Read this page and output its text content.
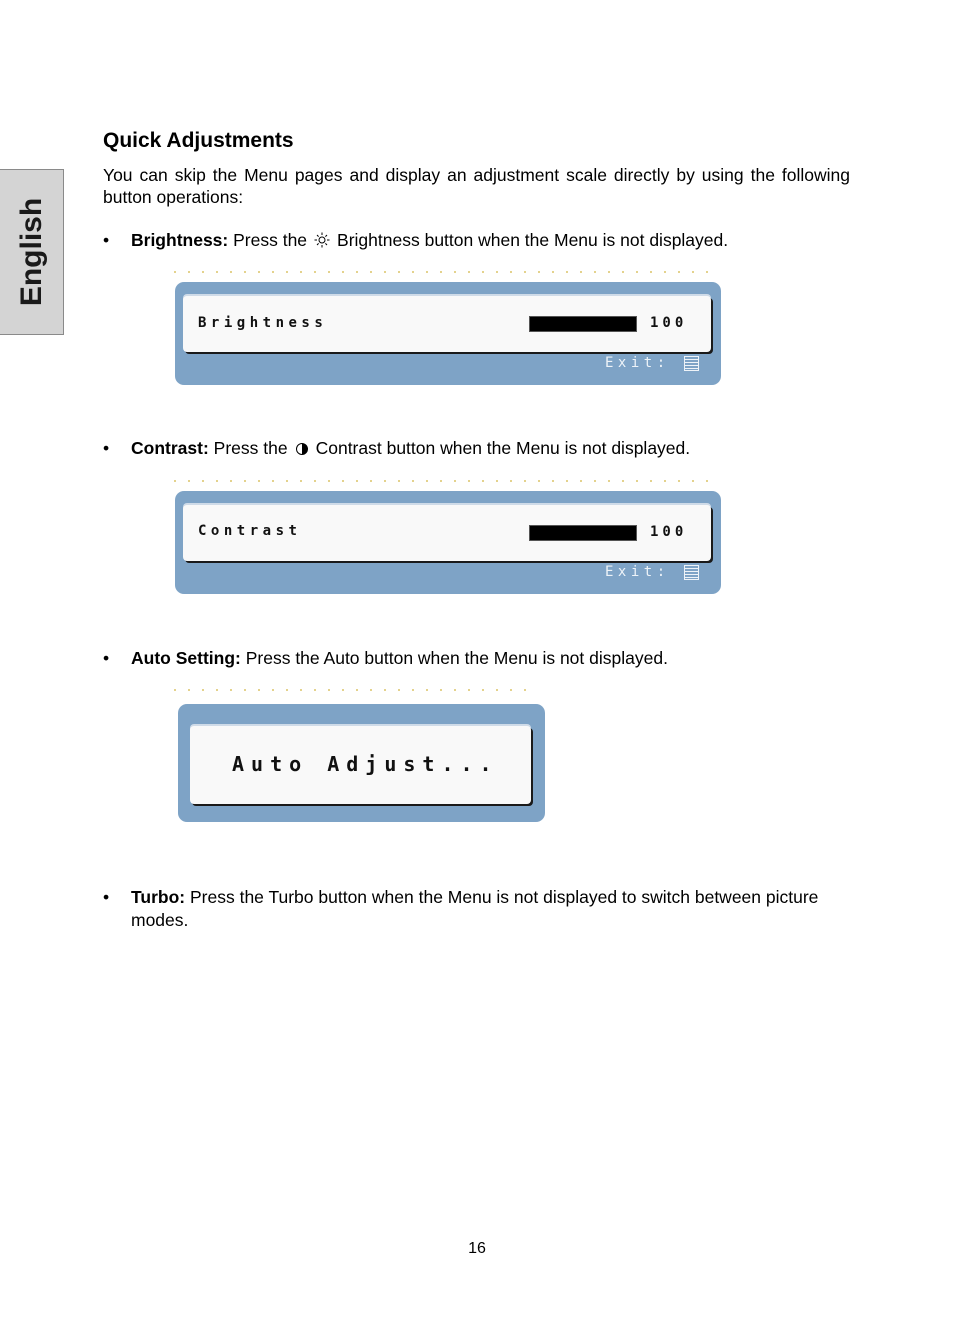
English
Quick Adjustments

You can skip the Menu pages and display an adjustment scale directly by using the following button operations:

• Brightness: Press the Brightness button when the Menu is not displayed.
Brightness	100
Exit:
• Contrast: Press the Contrast button when the Menu is not displayed.
Contrast	100
Exit:
• Auto Setting: Press the Auto button when the Menu is not displayed.
Auto Adjust...
• Turbo: Press the Turbo button when the Menu is not displayed to switch between picture modes.
16
